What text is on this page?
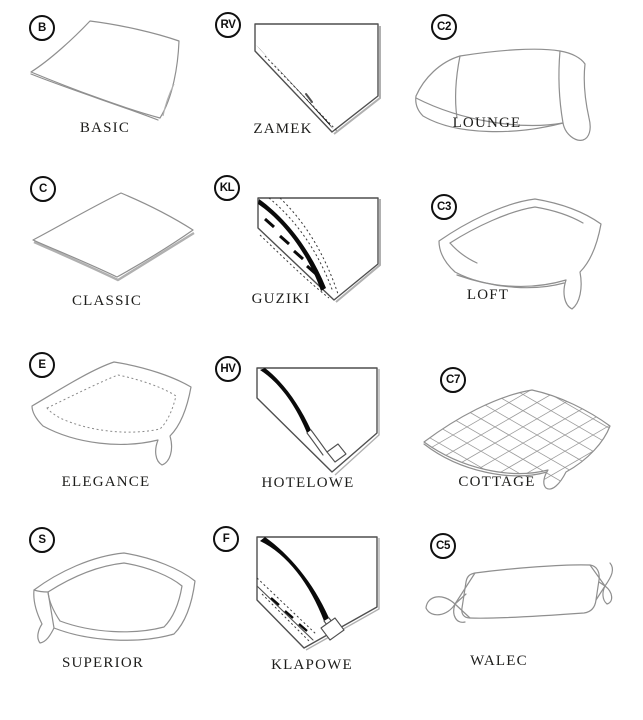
B
BASIC
RV
ZAMEK
C2
LOUNGE
C
CLASSIC
KL
GUZIKI
C3
LOFT
E
ELEGANCE
HV
HOTELOWE
C7
COTTAGE
S
SUPERIOR
F
KLAPOWE
C5
WALEC
